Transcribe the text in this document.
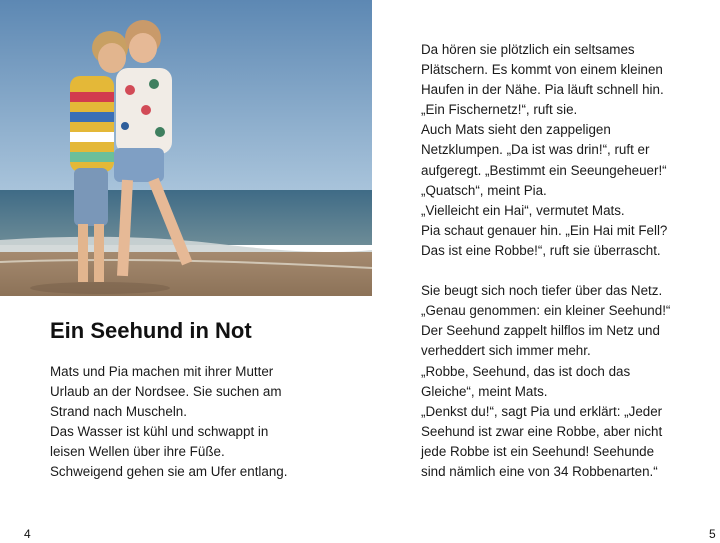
Ein Seehund in Not
Mats und Pia machen mit ihrer Mutter
Urlaub an der Nordsee. Sie suchen am
Strand nach Muscheln.
Das Wasser ist kühl und schwappt in
leisen Wellen über ihre Füße.
Schweigend gehen sie am Ufer entlang.
Da hören sie plötzlich ein seltsames
Plätschern. Es kommt von einem kleinen
Haufen in der Nähe. Pia läuft schnell hin.
„Ein Fischernetz!“, ruft sie.
Auch Mats sieht den zappeligen
Netzklumpen. „Da ist was drin!“, ruft er
aufgeregt. „Bestimmt ein Seeungeheuer!“
„Quatsch“, meint Pia.
„Vielleicht ein Hai“, vermutet Mats.
Pia schaut genauer hin. „Ein Hai mit Fell?
Das ist eine Robbe!“, ruft sie überrascht.
Sie beugt sich noch tiefer über das Netz.
„Genau genommen: ein kleiner Seehund!“
Der Seehund zappelt hilflos im Netz und
verheddert sich immer mehr.
„Robbe, Seehund, das ist doch das
Gleiche“, meint Mats.
„Denkst du!“, sagt Pia und erklärt: „Jeder
Seehund ist zwar eine Robbe, aber nicht
jede Robbe ist ein Seehund! Seehunde
sind nämlich eine von 34 Robbenarten.“
4	5
